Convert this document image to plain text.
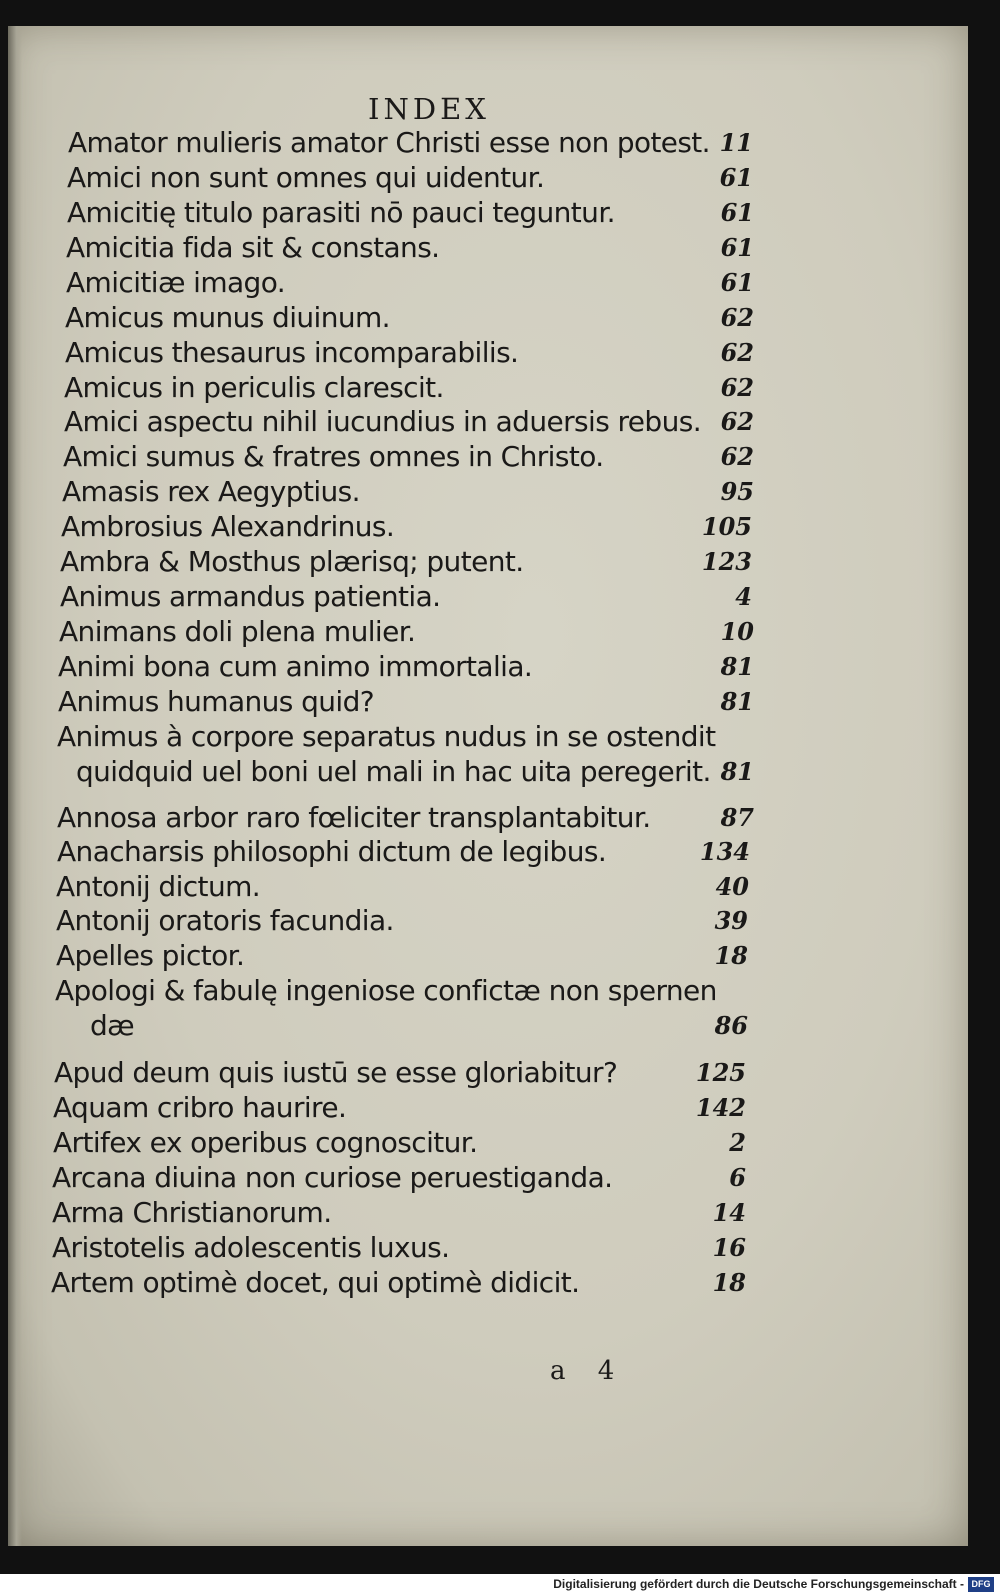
INDEX
Amator mulieris amator Christi esse non potest. 11
Amici non sunt omnes qui uidentur.	61
Amicitię titulo parasiti nō pauci teguntur.	61
Amicitia fida sit & constans.	61
Amicitiæ imago.	61
Amicus munus diuinum.	62
Amicus thesaurus incomparabilis.	62
Amicus in periculis clarescit.	62
Amici aspectu nihil iucundius in aduersis rebus. 62
Amici sumus & fratres omnes in Christo.	62
Amasis rex Aegyptius.	95
Ambrosius Alexandrinus.	105
Ambra & Mosthus plærisq; putent.	123
Animus armandus patientia.	4
Animans doli plena mulier.	10
Animi bona cum animo immortalia.	81
Animus humanus quid?	81
Animus à corpore separatus nudus in se ostendit
quidquid uel boni uel mali in hac uita peregerit. 81
Annosa arbor raro fœliciter transplantabitur.	87
Anacharsis philosophi dictum de legibus.	134
Antonij dictum.	40
Antonij oratoris facundia.	39
Apelles pictor.	18
Apologi & fabulę ingeniose confictæ non spernen
dæ	86
Apud deum quis iustū se esse gloriabitur?	125
Aquam cribro haurire.	142
Artifex ex operibus cognoscitur.	2
Arcana diuina non curiose peruestiganda.	6
Arma Christianorum.	14
Aristotelis adolescentis luxus.	16
Artem optimè docet, qui optimè didicit.	18
a 4
Digitalisierung gefördert durch die Deutsche Forschungsgemeinschaft - DFG
